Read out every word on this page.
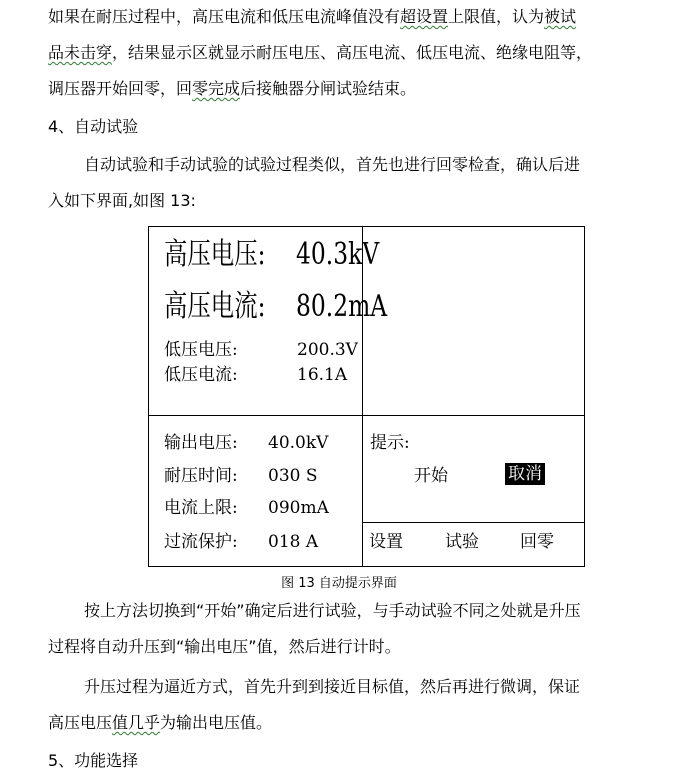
如果在耐压过程中，高压电流和低压电流峰值没有超设置上限值，认为被试
品未击穿，结果显示区就显示耐压电压、高压电流、低压电流、绝缘电阻等，
调压器开始回零，回零完成后接触器分闸试验结束。
4、自动试验
自动试验和手动试验的试验过程类似，首先也进行回零检查，确认后进
入如下界面,如图 13:
高压电压: 40.3kV
高压电流: 80.2mA
低压电压:	200.3V
低压电流:	16.1A
输出电压: 40.0kV
耐压时间: 030 S
电流上限: 090mA
过流保护: 018 A
提示:
开始	取消
设置 试验 回零
图 13 自动提示界面
按上方法切换到“开始”确定后进行试验，与手动试验不同之处就是升压
过程将自动升压到“输出电压”值，然后进行计时。
升压过程为逼近方式，首先升到到接近目标值，然后再进行微调，保证
高压电压值几乎为输出电压值。
5、功能选择
